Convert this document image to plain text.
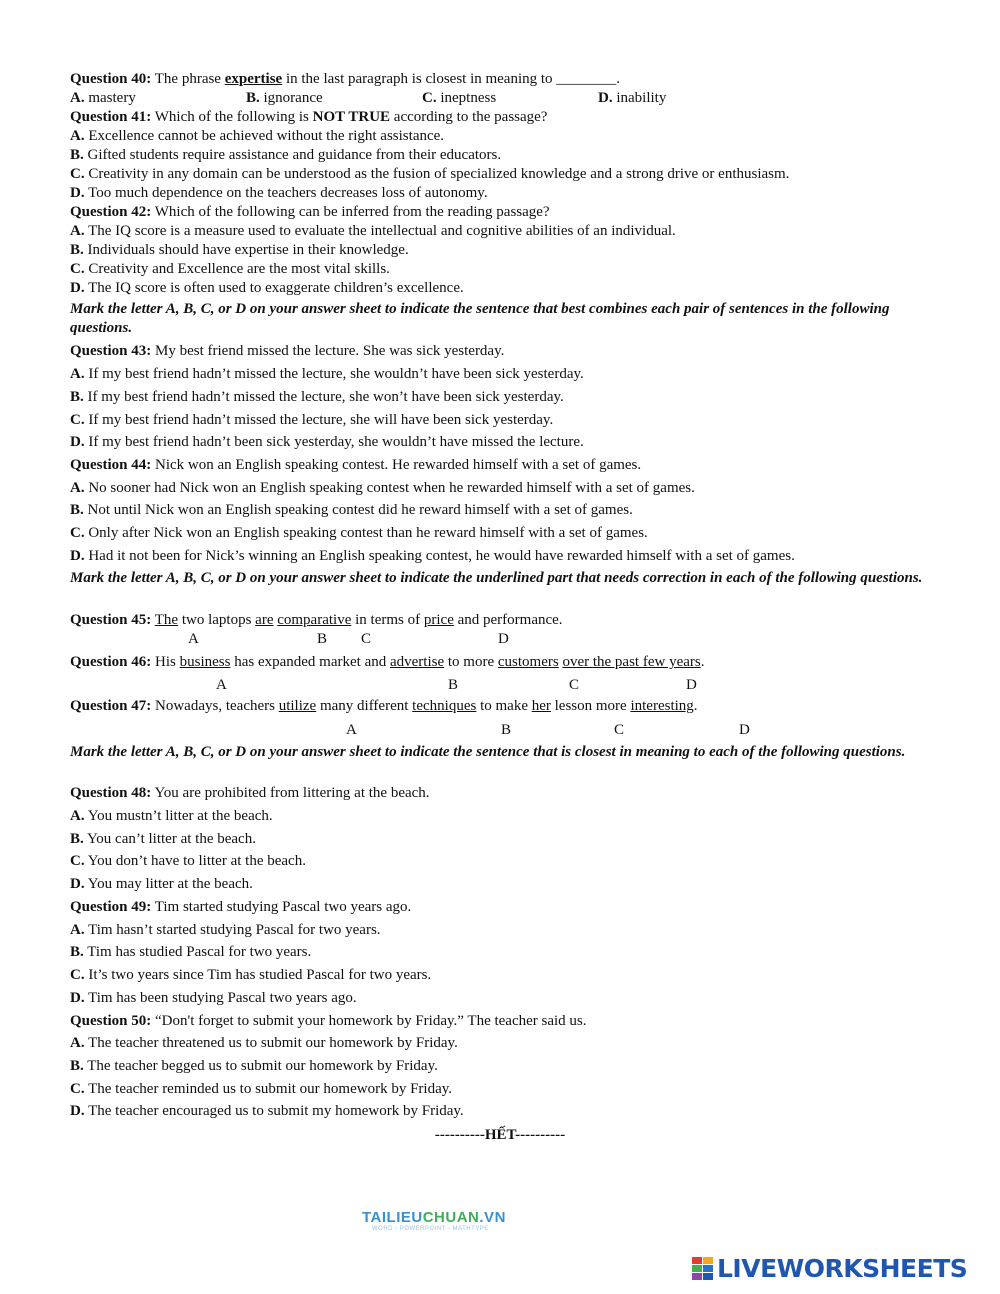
Question 40: The phrase expertise in the last paragraph is closest in meaning to ________.
A. mastery	B. ignorance	C. ineptness	D. inability
Question 41: Which of the following is NOT TRUE according to the passage?
A. Excellence cannot be achieved without the right assistance.
B. Gifted students require assistance and guidance from their educators.
C. Creativity in any domain can be understood as the fusion of specialized knowledge and a strong drive or enthusiasm.
D. Too much dependence on the teachers decreases loss of autonomy.
Question 42: Which of the following can be inferred from the reading passage?
A. The IQ score is a measure used to evaluate the intellectual and cognitive abilities of an individual.
B. Individuals should have expertise in their knowledge.
C. Creativity and Excellence are the most vital skills.
D. The IQ score is often used to exaggerate children’s excellence.
Mark the letter A, B, C, or D on your answer sheet to indicate the sentence that best combines each pair of sentences in the following questions.
Question 43: My best friend missed the lecture. She was sick yesterday.
A. If my best friend hadn’t missed the lecture, she wouldn’t have been sick yesterday.
B. If my best friend hadn’t missed the lecture, she won’t have been sick yesterday.
C. If my best friend hadn’t missed the lecture, she will have been sick yesterday.
D. If my best friend hadn’t been sick yesterday, she wouldn’t have missed the lecture.
Question 44: Nick won an English speaking contest. He rewarded himself with a set of games.
A. No sooner had Nick won an English speaking contest when he rewarded himself with a set of games.
B. Not until Nick won an English speaking contest did he reward himself with a set of games.
C. Only after Nick won an English speaking contest than he reward himself with a set of games.
D. Had it not been for Nick’s winning an English speaking contest, he would have rewarded himself with a set of games.
Mark the letter A, B, C, or D on your answer sheet to indicate the underlined part that needs correction in each of the following questions.
Question 45: The two laptops are comparative in terms of price and performance.
A	B C	D
Question 46: His business has expanded market and advertise to more customers over the past few years.
A	B	C	D
Question 47: Nowadays, teachers utilize many different techniques to make her lesson more interesting.
A	B	C	D
Mark the letter A, B, C, or D on your answer sheet to indicate the sentence that is closest in meaning to each of the following questions.
Question 48: You are prohibited from littering at the beach.
A. You mustn’t litter at the beach.
B. You can’t litter at the beach.
C. You don’t have to litter at the beach.
D. You may litter at the beach.
Question 49: Tim started studying Pascal two years ago.
A. Tim hasn’t started studying Pascal for two years.
B. Tim has studied Pascal for two years.
C. It’s two years since Tim has studied Pascal for two years.
D. Tim has been studying Pascal two years ago.
Question 50: “Don't forget to submit your homework by Friday.” The teacher said us.
A. The teacher threatened us to submit our homework by Friday.
B. The teacher begged us to submit our homework by Friday.
C. The teacher reminded us to submit our homework by Friday.
D. The teacher encouraged us to submit my homework by Friday.
----------HẾT----------
TAILIEUCHUAN.VN
WORD - POWERPOINT - MATHTYPE
LIVEWORKSHEETS
